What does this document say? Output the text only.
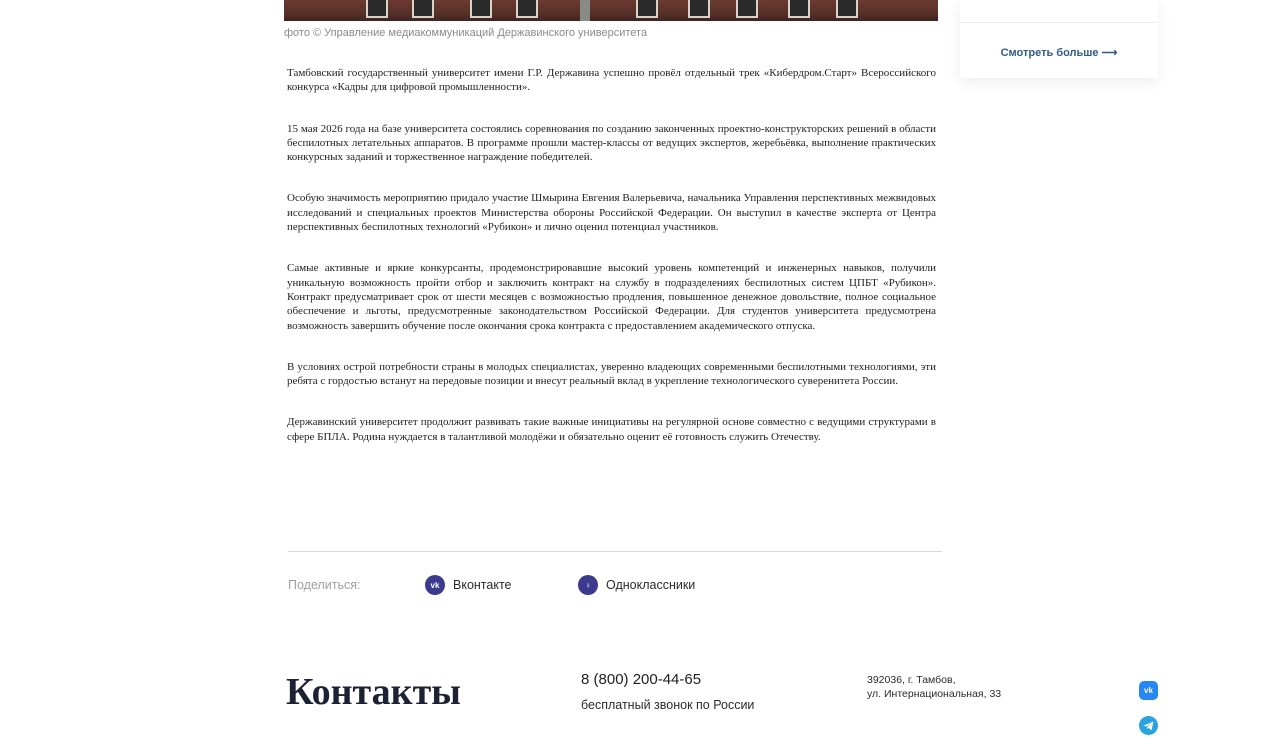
фото © Управление медиакоммуникаций Державинского университета
Смотреть больше ⟶

Тамбовский государственный университет имени Г.Р. Державина успешно провёл отдельный трек «Кибердром.Старт» Всероссийского конкурса «Кадры для цифровой промышленности».

15 мая 2026 года на базе университета состоялись соревнования по созданию законченных проектно-конструкторских решений в области беспилотных летательных аппаратов. В программе прошли мастер-классы от ведущих экспертов, жеребьёвка, выполнение практических конкурсных заданий и торжественное награждение победителей.

Особую значимость мероприятию придало участие Шмырина Евгения Валерьевича, начальника Управления перспективных межвидовых исследований и специальных проектов Министерства обороны Российской Федерации. Он выступил в качестве эксперта от Центра перспективных беспилотных технологий «Рубикон» и лично оценил потенциал участников.

Самые активные и яркие конкурсанты, продемонстрировавшие высокий уровень компетенций и инженерных навыков, получили уникальную возможность пройти отбор и заключить контракт на службу в подразделениях беспилотных систем ЦПБТ «Рубикон». Контракт предусматривает срок от шести месяцев с возможностью продления, повышенное денежное довольствие, полное социальное обеспечение и льготы, предусмотренные законодательством Российской Федерации. Для студентов университета предусмотрена возможность завершить обучение после окончания срока контракта с предоставлением академического отпуска.

В условиях острой потребности страны в молодых специалистах, уверенно владеющих современными беспилотными технологиями, эти ребята с гордостью встанут на передовые позиции и внесут реальный вклад в укрепление технологического суверенитета России.

Державинский университет продолжит развивать такие важные инициативы на регулярной основе совместно с ведущими структурами в сфере БПЛА. Родина нуждается в талантливой молодёжи и обязательно оценит её готовность служить Отечеству.

Поделиться:	vk	Вконтакте	♀	Одноклассники
Контакты	8 (800) 200-44-65
бесплатный звонок по России
392036, г. Тамбов,
ул. Интернациональная, 33	vk
